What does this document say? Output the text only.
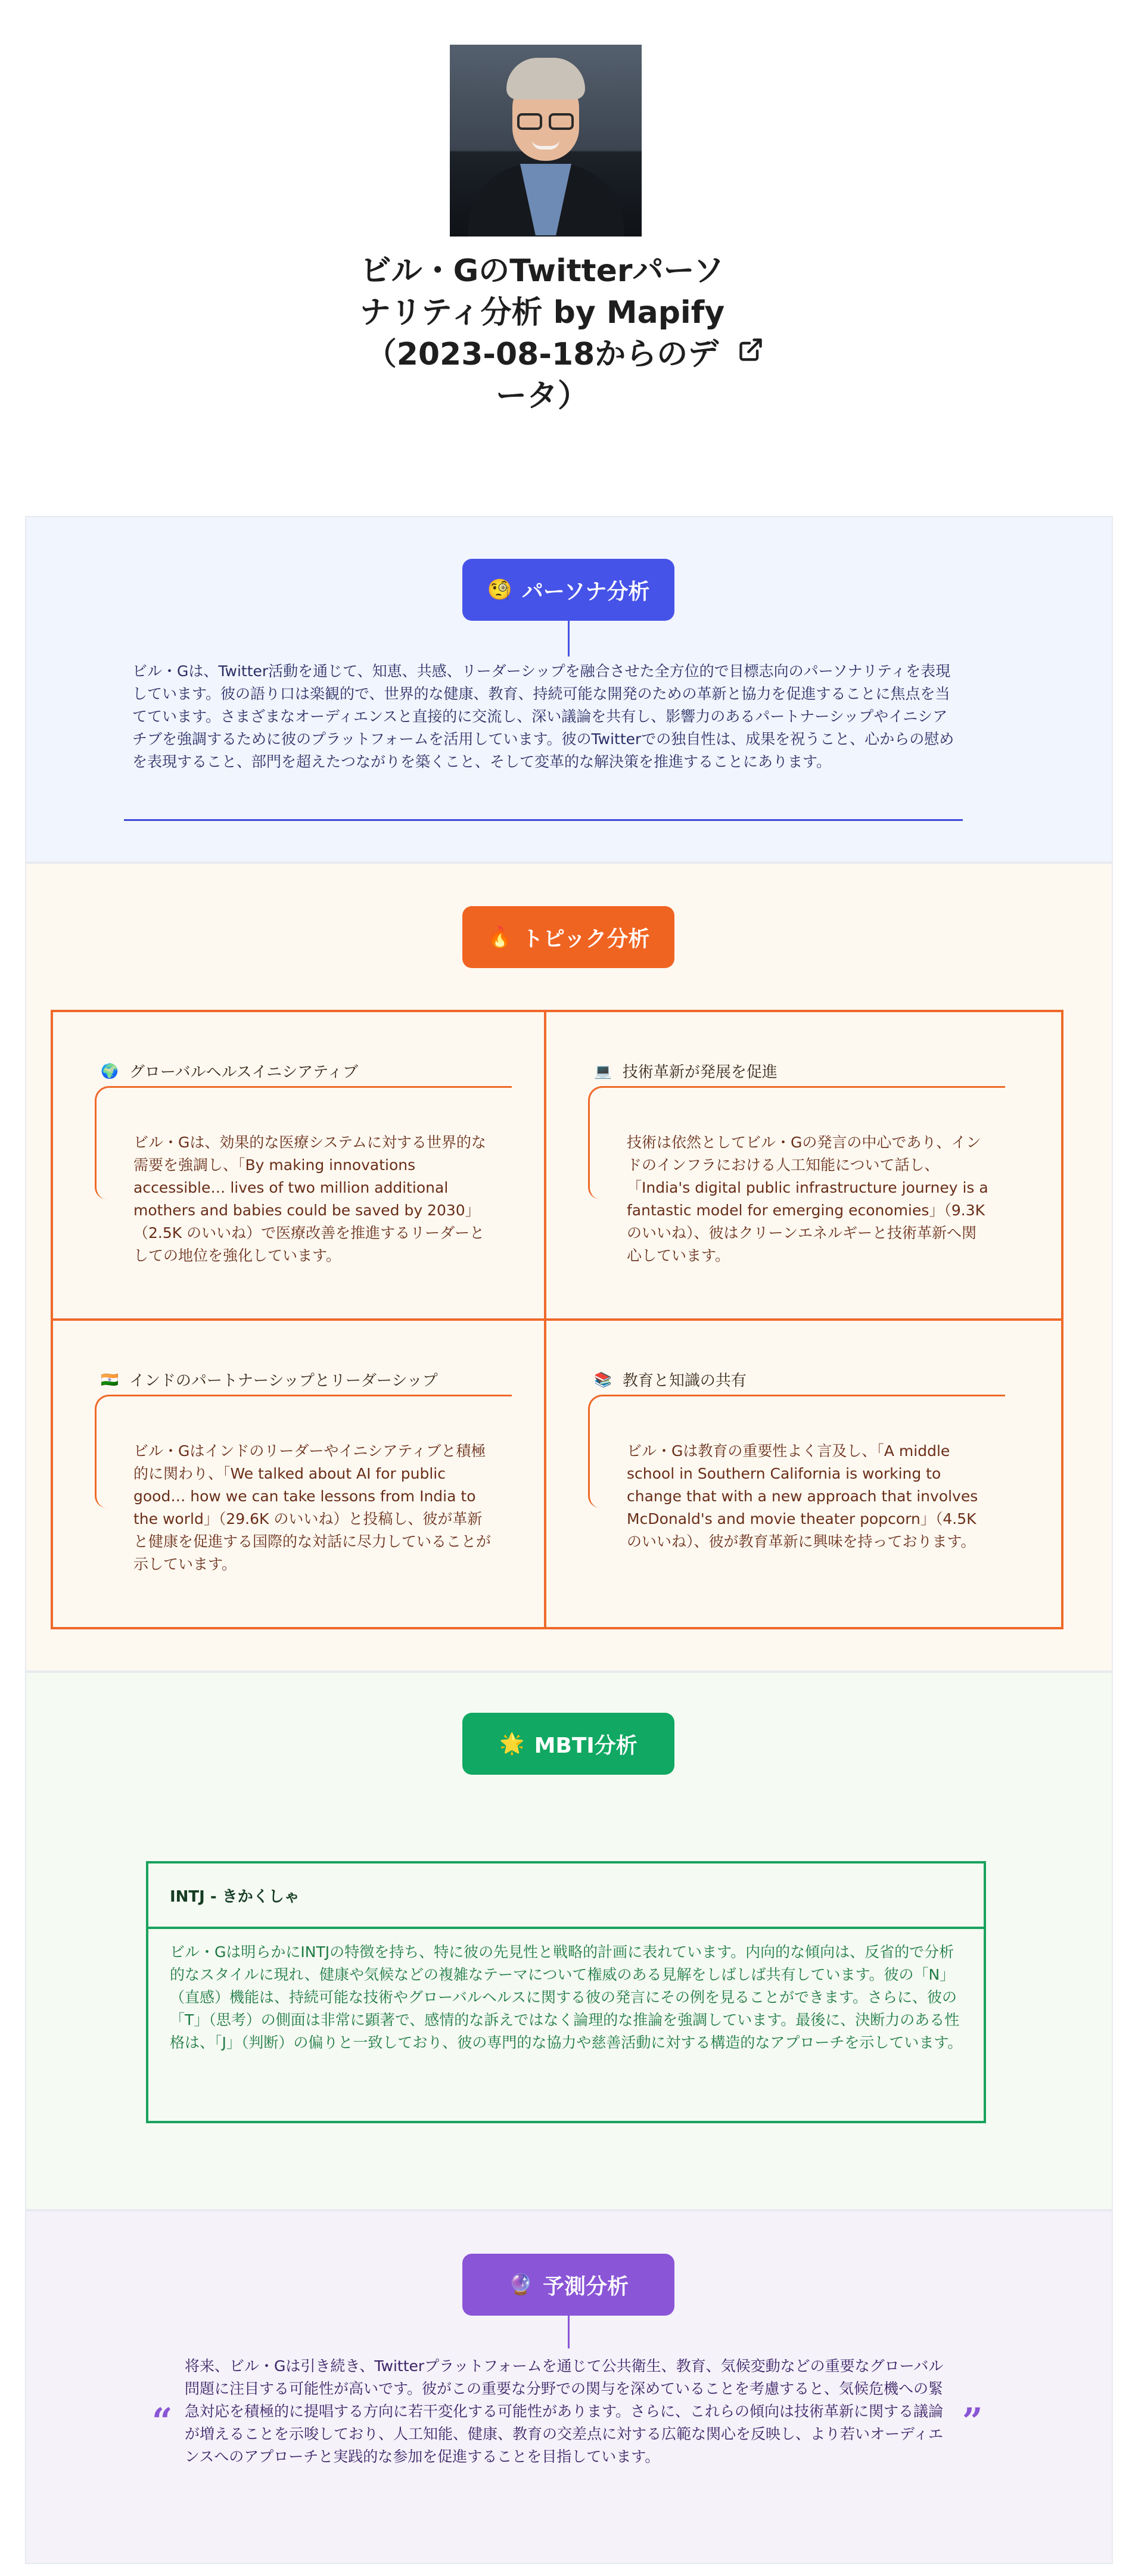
ビル・GのTwitterパーソナリティ分析 by Mapify（2023-08-18からのデータ）
🧐 パーソナ分析
ビル・Gは、Twitter活動を通じて、知恵、共感、リーダーシップを融合させた全方位的で目標志向のパーソナリティを表現しています。彼の語り口は楽観的で、世界的な健康、教育、持続可能な開発のための革新と協力を促進することに焦点を当てています。さまざまなオーディエンスと直接的に交流し、深い議論を共有し、影響力のあるパートナーシップやイニシアチブを強調するために彼のプラットフォームを活用しています。彼のTwitterでの独自性は、成果を祝うこと、心からの慰めを表現すること、部門を超えたつながりを築くこと、そして変革的な解決策を推進することにあります。
🔥 トピック分析
🌍 グローバルヘルスイニシアティブ
ビル・Gは、効果的な医療システムに対する世界的な需要を強調し、「By making innovations accessible… lives of two million additional mothers and babies could be saved by 2030」（2.5K のいいね）で医療改善を推進するリーダーとしての地位を強化しています。
💻 技術革新が発展を促進
技術は依然としてビル・Gの発言の中心であり、インドのインフラにおける人工知能について話し、「India's digital public infrastructure journey is a fantastic model for emerging economies」（9.3K のいいね）、彼はクリーンエネルギーと技術革新へ関心しています。
🇮🇳 インドのパートナーシップとリーダーシップ
ビル・Gはインドのリーダーやイニシアティブと積極的に関わり、「We talked about AI for public good… how we can take lessons from India to the world」（29.6K のいいね）と投稿し、彼が革新と健康を促進する国際的な対話に尽力していることが示しています。
📚 教育と知識の共有
ビル・Gは教育の重要性よく言及し、「A middle school in Southern California is working to change that with a new approach that involves McDonald's and movie theater popcorn」（4.5Kのいいね）、彼が教育革新に興味を持っております。
🌟 MBTI分析
INTJ - きかくしゃ
ビル・Gは明らかにINTJの特徴を持ち、特に彼の先見性と戦略的計画に表れています。内向的な傾向は、反省的で分析的なスタイルに現れ、健康や気候などの複雑なテーマについて権威のある見解をしばしば共有しています。彼の「N」（直感）機能は、持続可能な技術やグローバルヘルスに関する彼の発言にその例を見ることができます。さらに、彼の「T」（思考）の側面は非常に顕著で、感情的な訴えではなく論理的な推論を強調しています。最後に、決断力のある性格は、「J」（判断）の偏りと一致しており、彼の専門的な協力や慈善活動に対する構造的なアプローチを示しています。
🔮 予測分析
“
将来、ビル・Gは引き続き、Twitterプラットフォームを通じて公共衛生、教育、気候変動などの重要なグローバル問題に注目する可能性が高いです。彼がこの重要な分野での関与を深めていることを考慮すると、気候危機への緊急対応を積極的に提唱する方向に若干変化する可能性があります。さらに、これらの傾向は技術革新に関する議論が増えることを示唆しており、人工知能、健康、教育の交差点に対する広範な関心を反映し、より若いオーディエンスへのアプローチと実践的な参加を促進することを目指しています。
”
